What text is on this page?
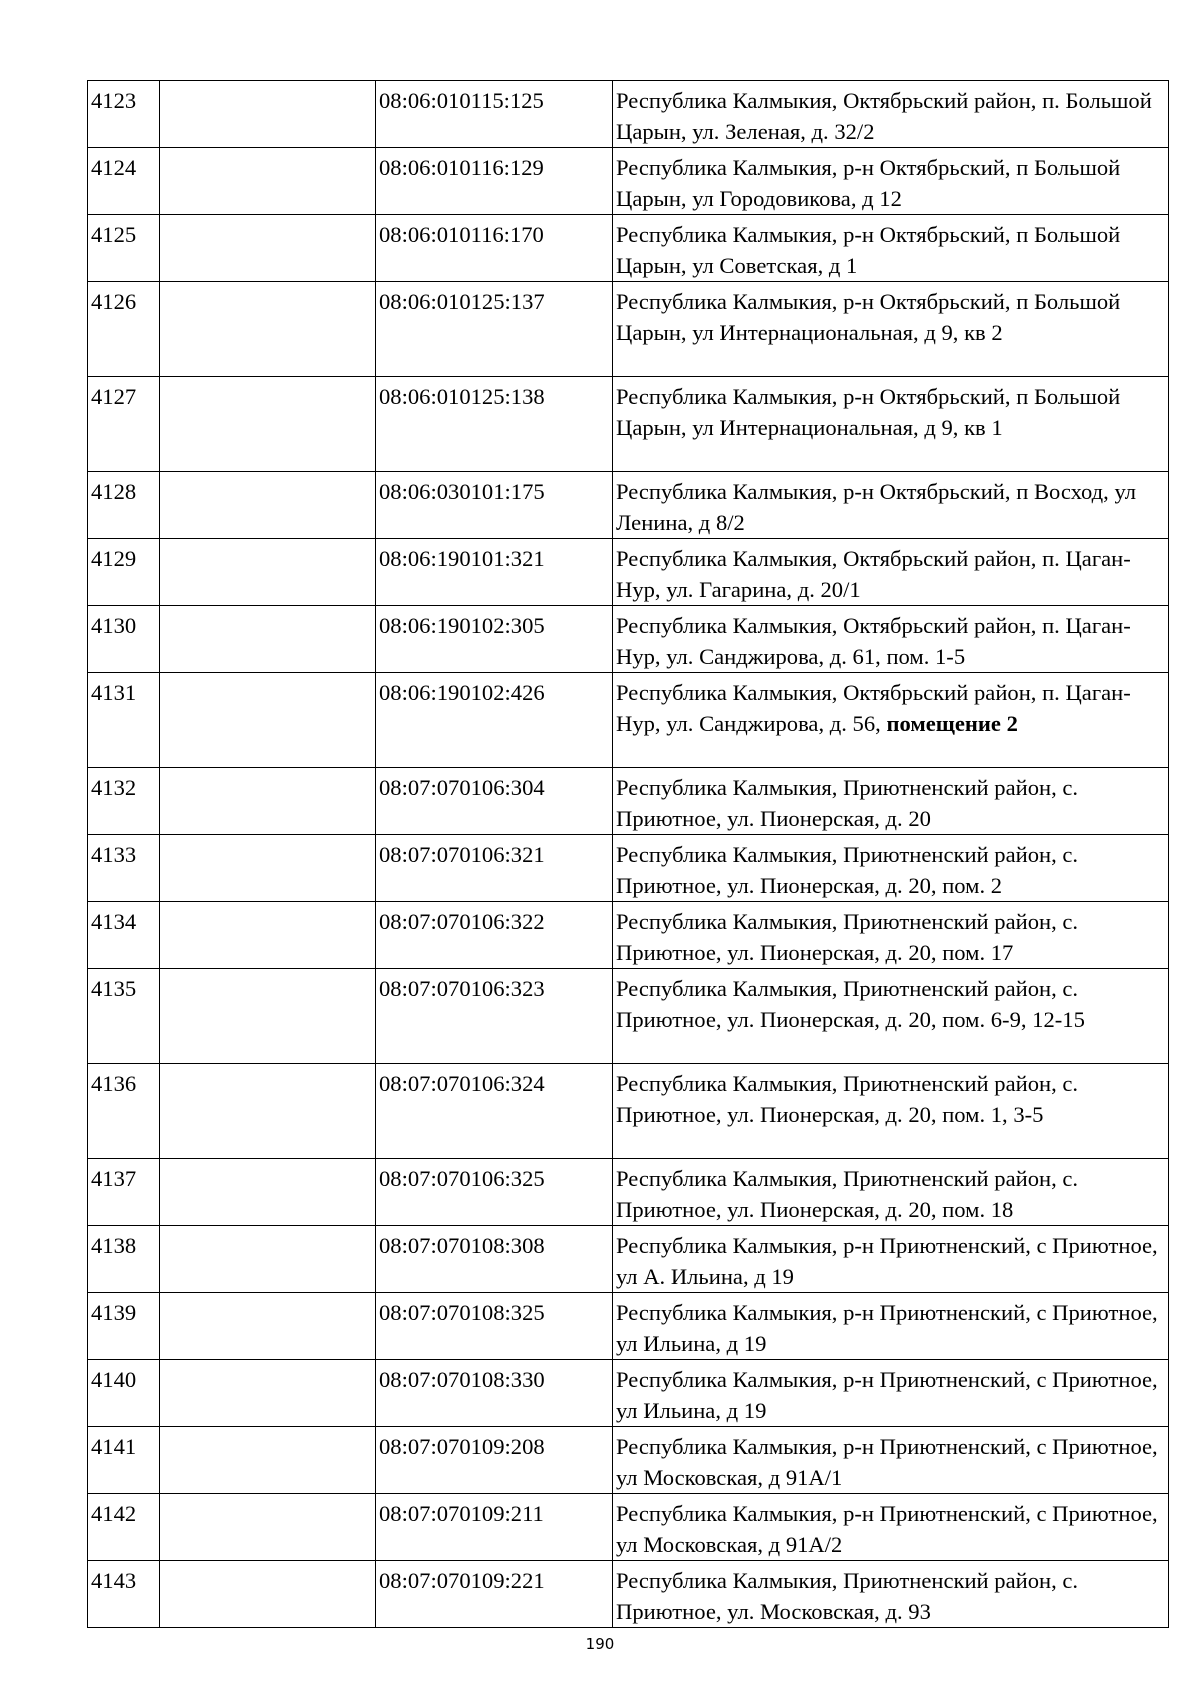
4123		08:06:010115:125	Республика Калмыкия, Октябрьский район, п. Большой Царын, ул. Зеленая, д. 32/2
4124		08:06:010116:129	Республика Калмыкия, р-н Октябрьский, п Большой Царын, ул Городовикова, д 12
4125		08:06:010116:170	Республика Калмыкия, р-н Октябрьский, п Большой Царын, ул Советская, д 1
4126		08:06:010125:137	Республика Калмыкия, р-н Октябрьский, п Большой Царын, ул Интернациональная, д 9, кв 2
4127		08:06:010125:138	Республика Калмыкия, р-н Октябрьский, п Большой Царын, ул Интернациональная, д 9, кв 1
4128		08:06:030101:175	Республика Калмыкия, р-н Октябрьский, п Восход, ул Ленина, д 8/2
4129		08:06:190101:321	Республика Калмыкия, Октябрьский район, п. Цаган-Нур, ул. Гагарина, д. 20/1
4130		08:06:190102:305	Республика Калмыкия, Октябрьский район, п. Цаган-Нур, ул. Санджирова, д. 61, пом. 1-5
4131		08:06:190102:426	Республика Калмыкия, Октябрьский район, п. Цаган-Нур, ул. Санджирова, д. 56, помещение 2
4132		08:07:070106:304	Республика Калмыкия, Приютненский район, с. Приютное, ул. Пионерская, д. 20
4133		08:07:070106:321	Республика Калмыкия, Приютненский район, с. Приютное, ул. Пионерская, д. 20, пом. 2
4134		08:07:070106:322	Республика Калмыкия, Приютненский район, с. Приютное, ул. Пионерская, д. 20, пом. 17
4135		08:07:070106:323	Республика Калмыкия, Приютненский район, с. Приютное, ул. Пионерская, д. 20, пом. 6-9, 12-15
4136		08:07:070106:324	Республика Калмыкия, Приютненский район, с. Приютное, ул. Пионерская, д. 20, пом. 1, 3-5
4137		08:07:070106:325	Республика Калмыкия, Приютненский район, с. Приютное, ул. Пионерская, д. 20, пом. 18
4138		08:07:070108:308	Республика Калмыкия, р-н Приютненский, с Приютное, ул А. Ильина, д 19
4139		08:07:070108:325	Республика Калмыкия, р-н Приютненский, с Приютное, ул Ильина, д 19
4140		08:07:070108:330	Республика Калмыкия, р-н Приютненский, с Приютное, ул Ильина, д 19
4141		08:07:070109:208	Республика Калмыкия, р-н Приютненский, с Приютное, ул Московская, д 91А/1
4142		08:07:070109:211	Республика Калмыкия, р-н Приютненский, с Приютное, ул Московская, д 91А/2
4143		08:07:070109:221	Республика Калмыкия, Приютненский район, с. Приютное, ул. Московская, д. 93
190
